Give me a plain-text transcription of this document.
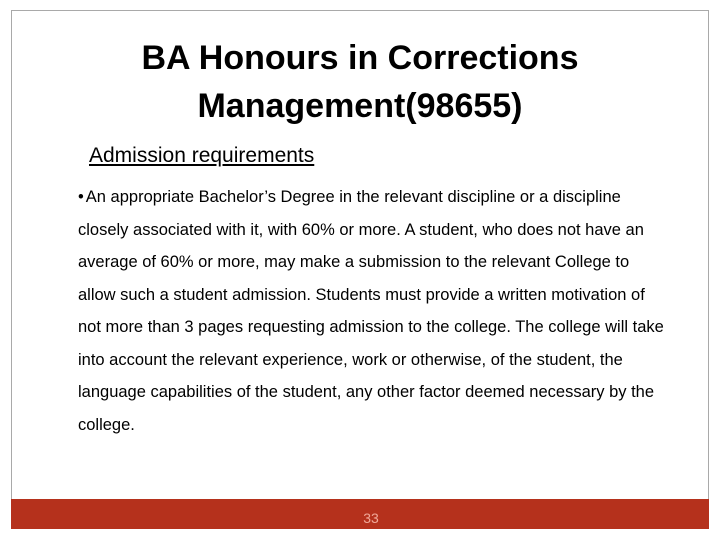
BA Honours in Corrections Management(98655)

Admission requirements

• An appropriate Bachelor’s Degree in the relevant discipline or a discipline closely associated with it, with 60% or more. A student, who does not have an average of 60% or more, may make a submission to the relevant College to allow such a student admission. Students must provide a written motivation of not more than 3 pages requesting admission to the college. The college will take into account the relevant experience, work or otherwise, of the student, the language capabilities of the student, any other factor deemed necessary by the college.

33
